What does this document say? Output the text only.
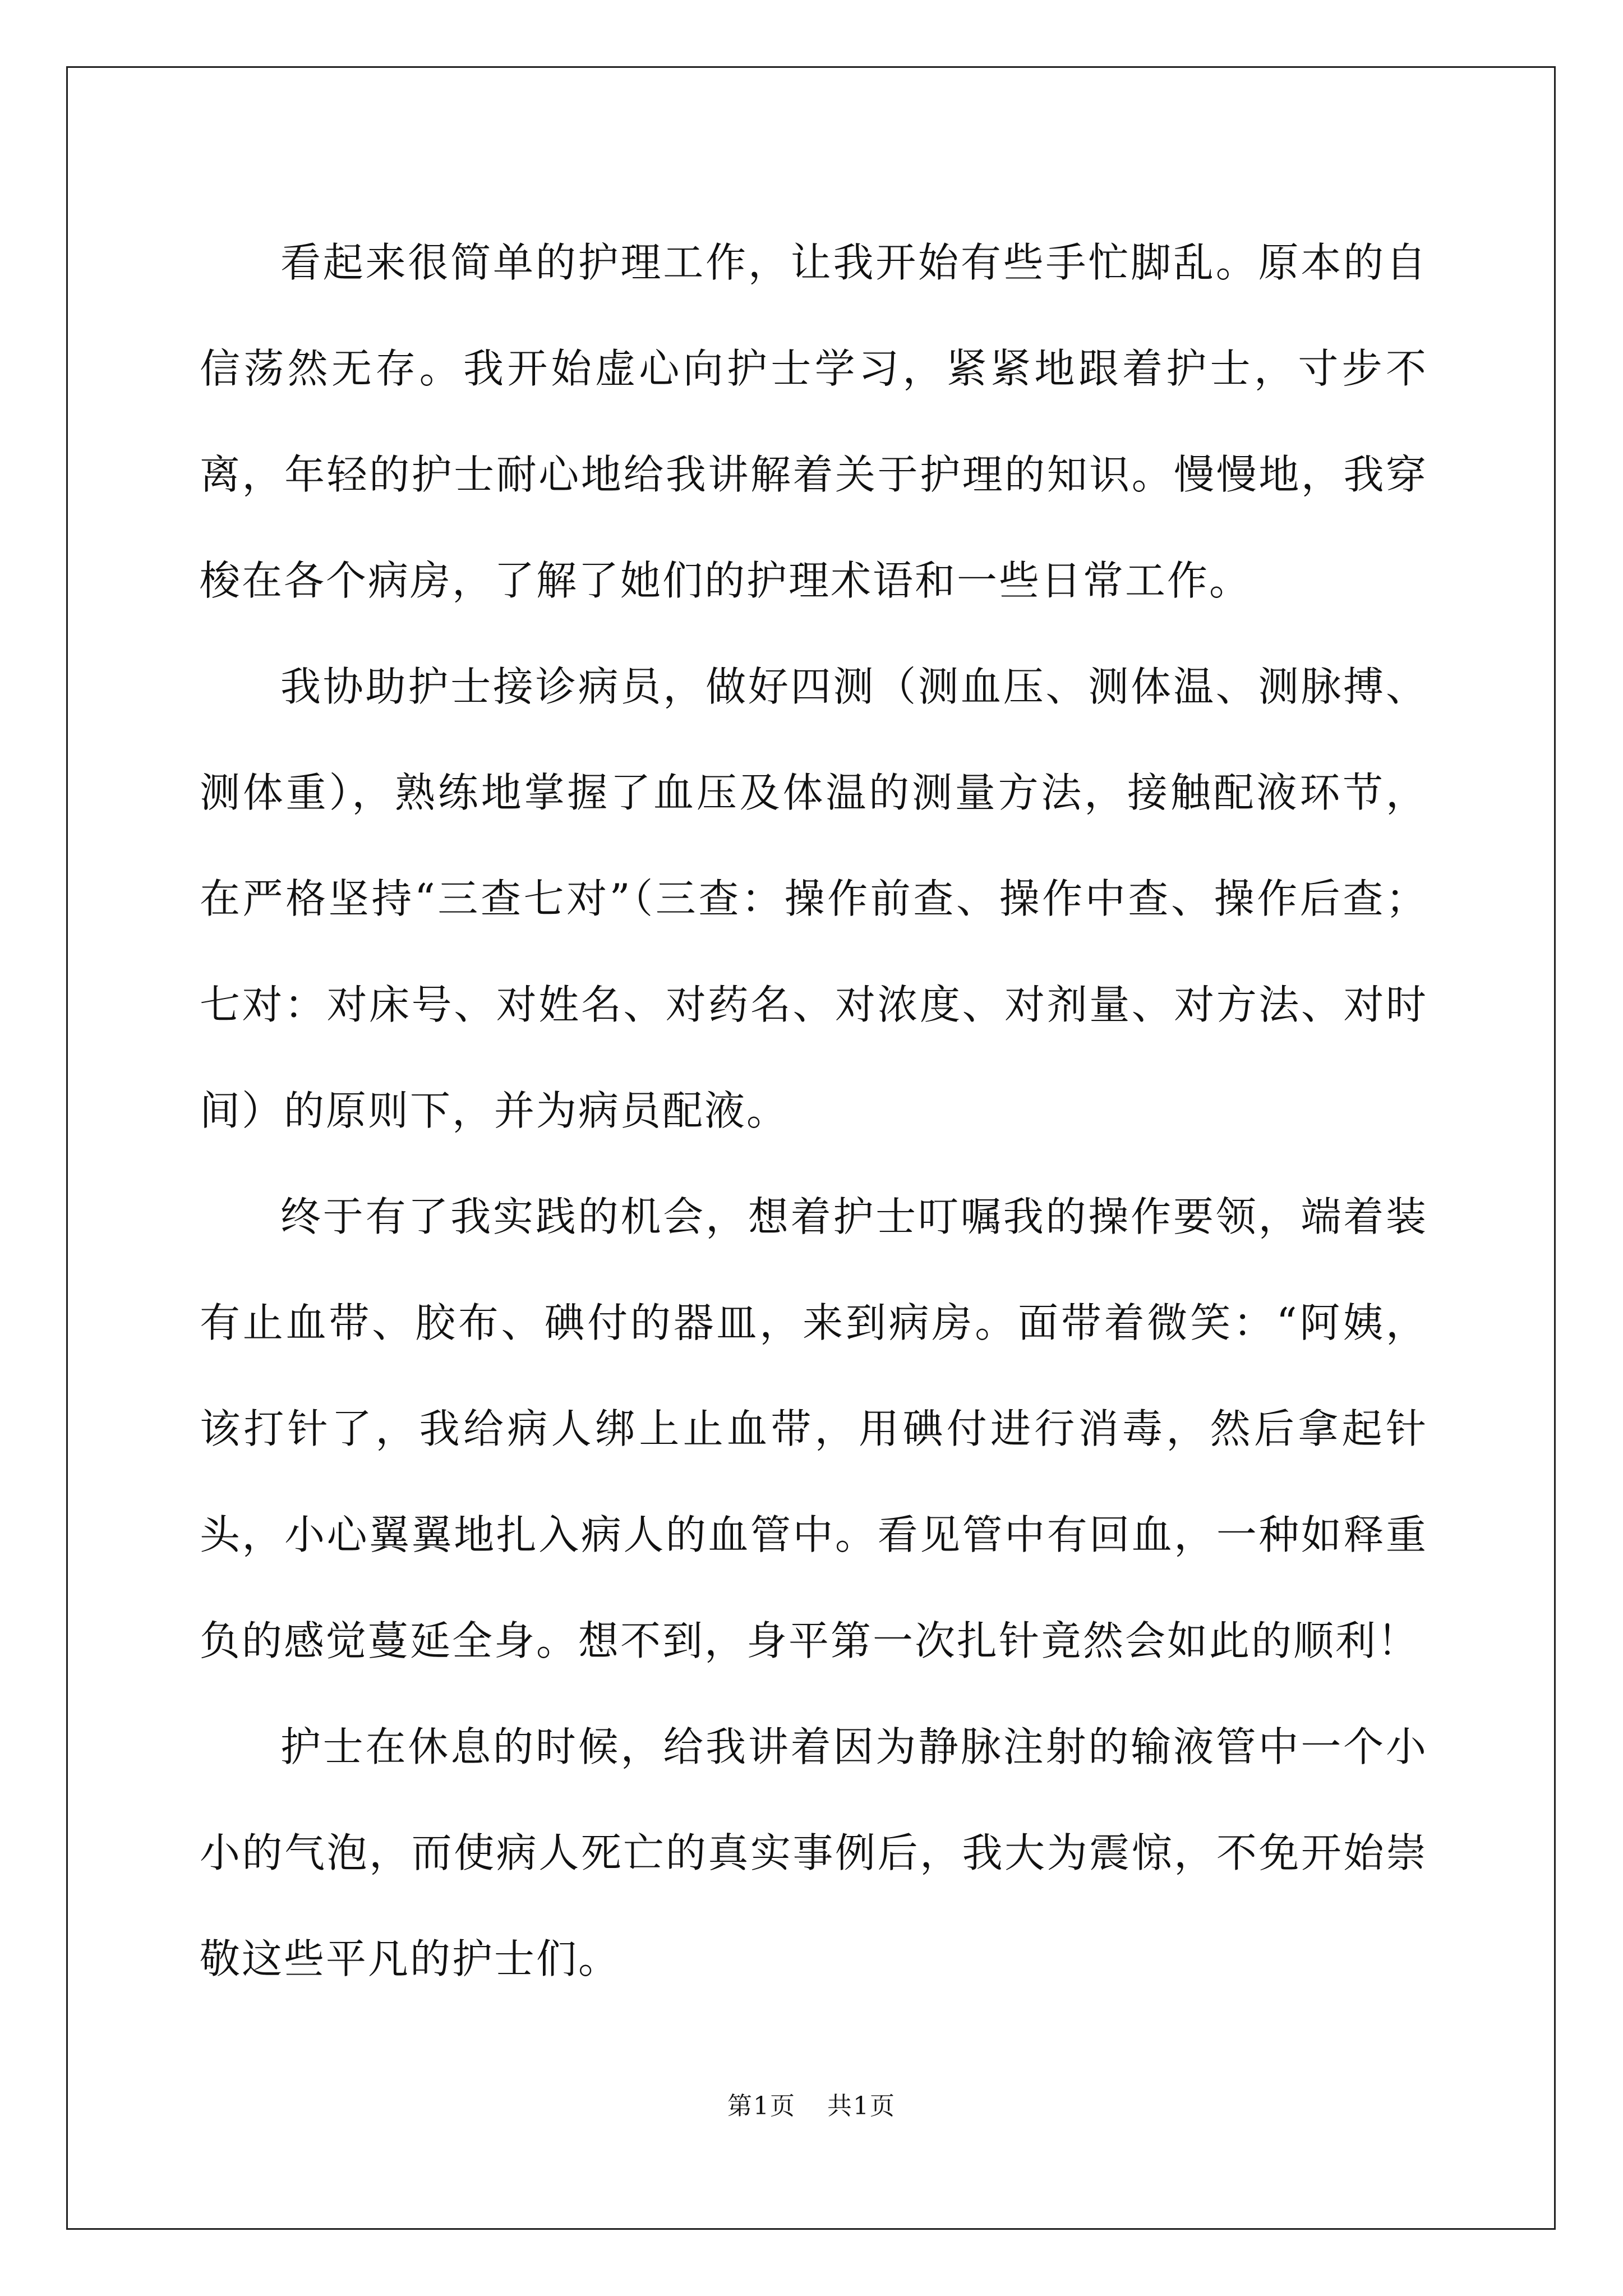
看起来很简单的护理工作，让我开始有些手忙脚乱。原本的自信荡然无存。我开始虚心向护士学习，紧紧地跟着护士，寸步不离，年轻的护士耐心地给我讲解着关于护理的知识。慢慢地，我穿梭在各个病房，了解了她们的护理术语和一些日常工作。

我协助护士接诊病员，做好四测（测血压、测体温、测脉搏、测体重），熟练地掌握了血压及体温的测量方法，接触配液环节，在严格坚持“三查七对”（三查：操作前查、操作中查、操作后查；七对：对床号、对姓名、对药名、对浓度、对剂量、对方法、对时间）的原则下，并为病员配液。

终于有了我实践的机会，想着护士叮嘱我的操作要领，端着装有止血带、胶布、碘付的器皿，来到病房。面带着微笑：“阿姨，该打针了，我给病人绑上止血带，用碘付进行消毒，然后拿起针头，小心翼翼地扎入病人的血管中。看见管中有回血，一种如释重负的感觉蔓延全身。想不到，身平第一次扎针竟然会如此的顺利！

护士在休息的时候，给我讲着因为静脉注射的输液管中一个小小的气泡，而使病人死亡的真实事例后，我大为震惊，不免开始崇敬这些平凡的护士们。

第1页 共1页
